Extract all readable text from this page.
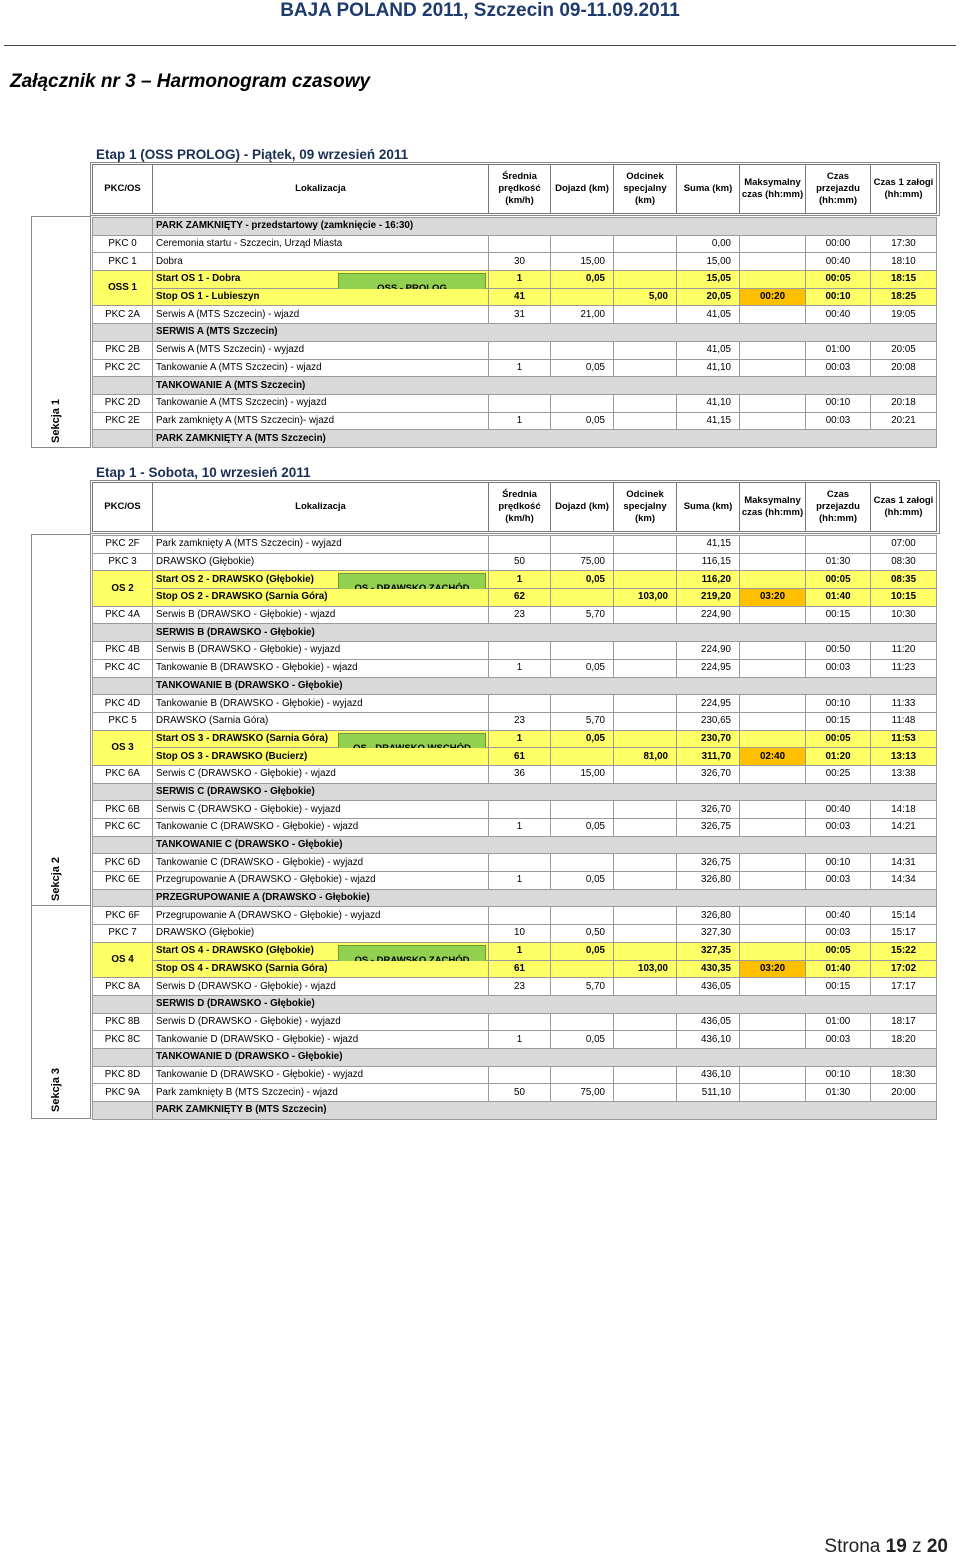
BAJA POLAND 2011, Szczecin 09-11.09.2011
Załącznik nr 3 – Harmonogram czasowy
Etap 1 (OSS PROLOG) - Piątek, 09 wrzesień 2011
PKC/OS	Lokalizacja	Średnia prędkość (km/h)	Dojazd (km)	Odcinek specjalny (km)	Suma (km)	Maksymalny czas (hh:mm)	Czas przejazdu (hh:mm)	Czas 1 załogi (hh:mm)
Sekcja 1
	PARK ZAMKNIĘTY - przedstartowy (zamknięcie - 16:30)							
PKC 0	Ceremonia startu - Szczecin, Urząd Miasta				0,00		00:00	17:30
PKC 1	Dobra	30	15,00		15,00		00:40	18:10
OSS 1	Start OS 1 - Dobra	1	0,05		15,05		00:05	18:15
	Stop OS 1 - Lubieszyn	41		5,00	20,05	00:20	00:10	18:25
PKC 2A	Serwis A (MTS Szczecin) - wjazd	31	21,00		41,05		00:40	19:05
	SERWIS A (MTS Szczecin)							
PKC 2B	Serwis A (MTS Szczecin) - wyjazd				41,05		01:00	20:05
PKC 2C	Tankowanie A (MTS Szczecin) - wjazd	1	0,05		41,10		00:03	20:08
	TANKOWANIE A (MTS Szczecin)							
PKC 2D	Tankowanie A (MTS Szczecin) - wyjazd				41,10		00:10	20:18
PKC 2E	Park zamknięty A (MTS Szczecin)- wjazd	1	0,05		41,15		00:03	20:21
	PARK ZAMKNIĘTY A (MTS Szczecin)							
Etap 1 - Sobota, 10 wrzesień 2011
PKC/OS	Lokalizacja	Średnia prędkość (km/h)	Dojazd (km)	Odcinek specjalny (km)	Suma (km)	Maksymalny czas (hh:mm)	Czas przejazdu (hh:mm)	Czas 1 załogi (hh:mm)
Sekcja 2
Sekcja 3
PKC 2F	Park zamknięty A (MTS Szczecin) - wyjazd				41,15			07:00
PKC 3	DRAWSKO (Głębokie)	50	75,00		116,15		01:30	08:30
OS 2	Start OS 2 - DRAWSKO (Głębokie)	1	0,05		116,20		00:05	08:35
	Stop OS 2 - DRAWSKO (Sarnia Góra)	62		103,00	219,20	03:20	01:40	10:15
PKC 4A	Serwis B (DRAWSKO - Głębokie) - wjazd	23	5,70		224,90		00:15	10:30
	SERWIS B (DRAWSKO - Głębokie)							
PKC 4B	Serwis B (DRAWSKO - Głębokie) - wyjazd				224,90		00:50	11:20
PKC 4C	Tankowanie B (DRAWSKO - Głębokie) - wjazd	1	0,05		224,95		00:03	11:23
	TANKOWANIE B (DRAWSKO - Głębokie)							
PKC 4D	Tankowanie B (DRAWSKO - Głębokie) - wyjazd				224,95		00:10	11:33
PKC 5	DRAWSKO (Sarnia Góra)	23	5,70		230,65		00:15	11:48
OS 3	Start OS 3 - DRAWSKO (Sarnia Góra)	1	0,05		230,70		00:05	11:53
	Stop OS 3 - DRAWSKO (Bucierz)	61		81,00	311,70	02:40	01:20	13:13
PKC 6A	Serwis C (DRAWSKO - Głębokie) - wjazd	36	15,00		326,70		00:25	13:38
	SERWIS C (DRAWSKO - Głębokie)							
PKC 6B	Serwis C (DRAWSKO - Głębokie) - wyjazd				326,70		00:40	14:18
PKC 6C	Tankowanie C (DRAWSKO - Głębokie) - wjazd	1	0,05		326,75		00:03	14:21
	TANKOWANIE C (DRAWSKO - Głębokie)							
PKC 6D	Tankowanie C (DRAWSKO - Głębokie) - wyjazd				326,75		00:10	14:31
PKC 6E	Przegrupowanie A (DRAWSKO - Głębokie) - wjazd	1	0,05		326,80		00:03	14:34
	PRZEGRUPOWANIE A (DRAWSKO - Głębokie)							
PKC 6F	Przegrupowanie A (DRAWSKO - Głębokie) - wyjazd				326,80		00:40	15:14
PKC 7	DRAWSKO (Głębokie)	10	0,50		327,30		00:03	15:17
OS 4	Start OS 4 - DRAWSKO (Głębokie)	1	0,05		327,35		00:05	15:22
	Stop OS 4 - DRAWSKO (Sarnia Góra)	61		103,00	430,35	03:20	01:40	17:02
PKC 8A	Serwis D (DRAWSKO - Głębokie) - wjazd	23	5,70		436,05		00:15	17:17
	SERWIS D (DRAWSKO - Głębokie)							
PKC 8B	Serwis D (DRAWSKO - Głębokie) - wyjazd				436,05		01:00	18:17
PKC 8C	Tankowanie D (DRAWSKO - Głębokie) - wjazd	1	0,05		436,10		00:03	18:20
	TANKOWANIE D (DRAWSKO - Głębokie)							
PKC 8D	Tankowanie D (DRAWSKO - Głębokie) - wyjazd				436,10		00:10	18:30
PKC 9A	Park zamknięty B (MTS Szczecin) - wjazd	50	75,00		511,10		01:30	20:00
	PARK ZAMKNIĘTY B (MTS Szczecin)							
Strona 19 z 20
